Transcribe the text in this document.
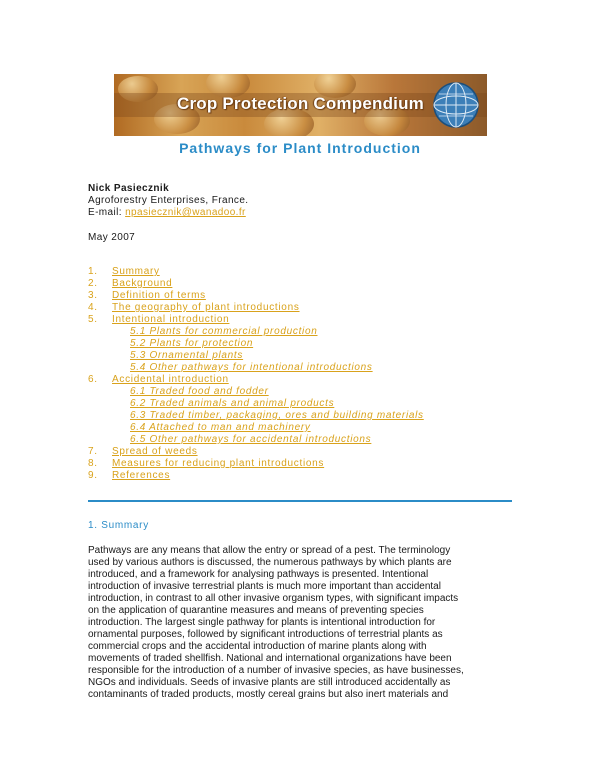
Crop Protection Compendium
Pathways for Plant Introduction
Nick Pasiecznik
Agroforestry Enterprises, France.
E-mail: npasiecznik@wanadoo.fr
May 2007
1. Summary
2. Background
3. Definition of terms
4. The geography of plant introductions
5. Intentional introduction
5.1 Plants for commercial production
5.2 Plants for protection
5.3 Ornamental plants
5.4 Other pathways for intentional introductions
6. Accidental introduction
6.1 Traded food and fodder
6.2 Traded animals and animal products
6.3 Traded timber, packaging, ores and building materials
6.4 Attached to man and machinery
6.5 Other pathways for accidental introductions
7. Spread of weeds
8. Measures for reducing plant introductions
9. References
1. Summary
Pathways are any means that allow the entry or spread of a pest. The terminology
used by various authors is discussed, the numerous pathways by which plants are
introduced, and a framework for analysing pathways is presented. Intentional
introduction of invasive terrestrial plants is much more important than accidental
introduction, in contrast to all other invasive organism types, with significant impacts
on the application of quarantine measures and means of preventing species
introduction. The largest single pathway for plants is intentional introduction for
ornamental purposes, followed by significant introductions of terrestrial plants as
commercial crops and the accidental introduction of marine plants along with
movements of traded shellfish. National and international organizations have been
responsible for the introduction of a number of invasive species, as have businesses,
NGOs and individuals. Seeds of invasive plants are still introduced accidentally as
contaminants of traded products, mostly cereal grains but also inert materials and
